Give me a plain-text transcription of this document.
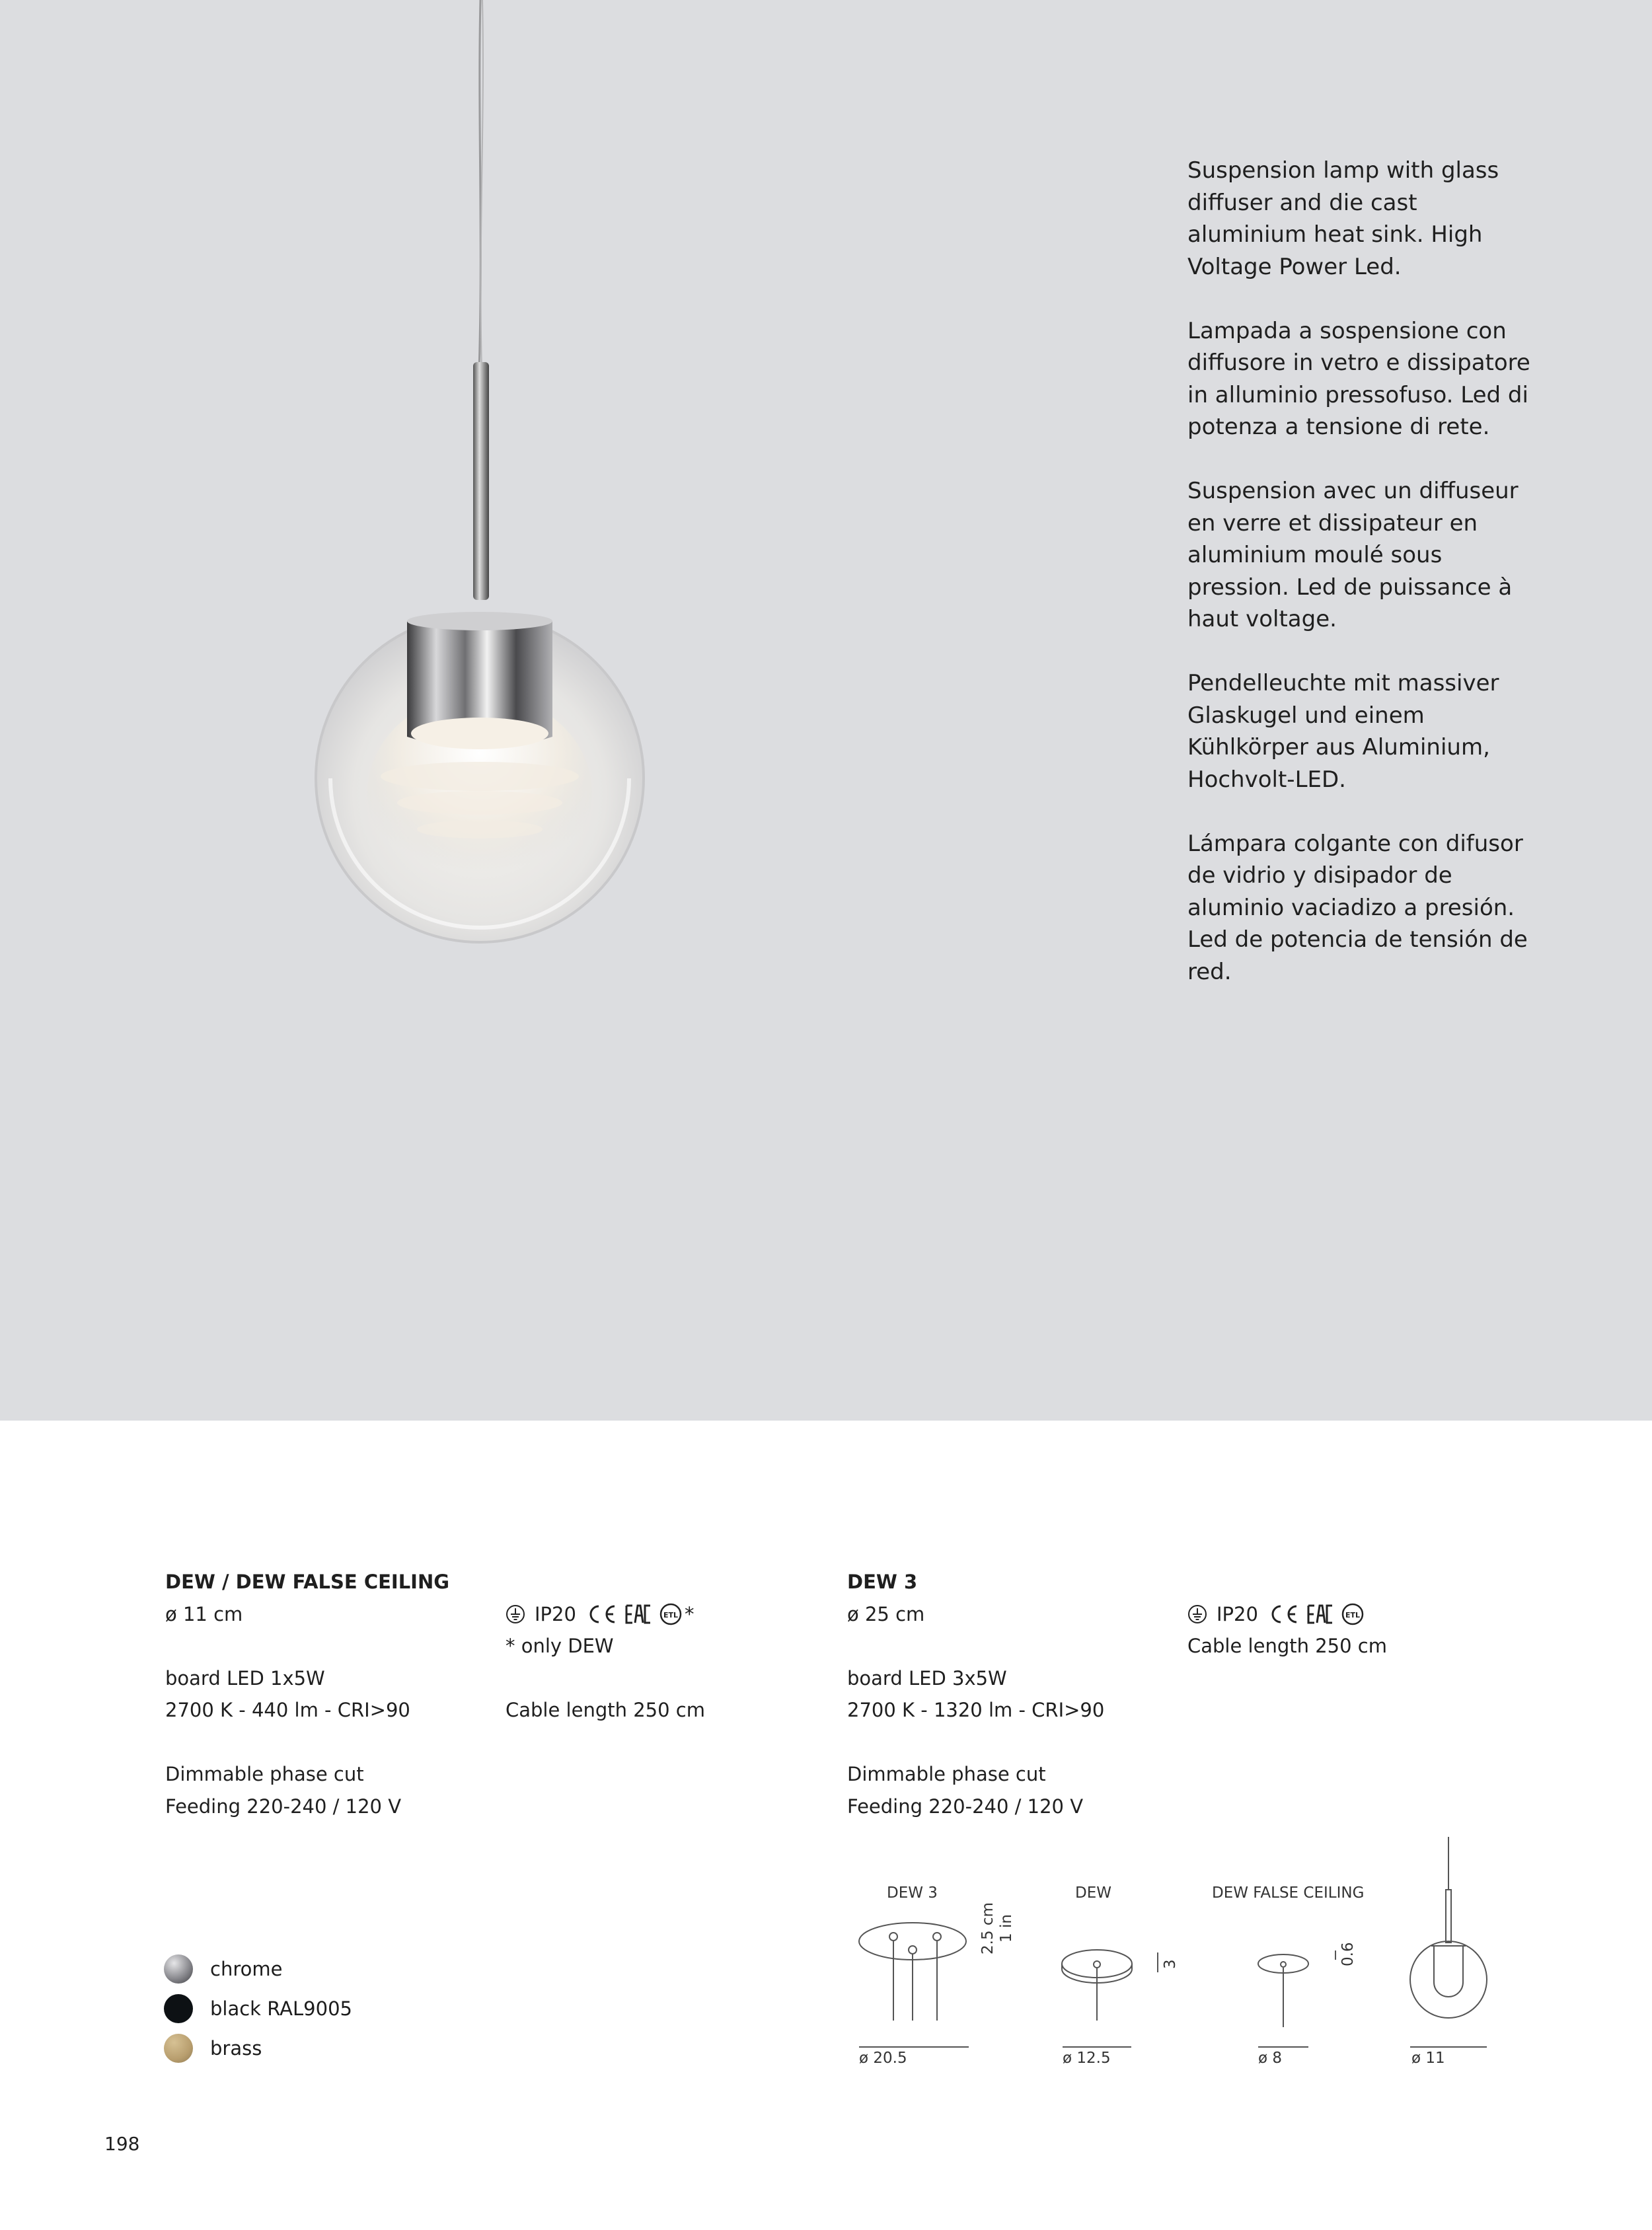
Suspension lamp with glass diffuser and die cast aluminium heat sink. High Voltage Power Led.

Lampada a sospensione con diffusore in vetro e dissipatore in alluminio pressofuso. Led di potenza a tensione di rete.

Suspension avec un diffuseur en verre et dissipateur en aluminium moulé sous pression. Led de puissance à haut voltage.

Pendelleuchte mit massiver Glaskugel und einem Kühlkörper aus Aluminium, Hochvolt-LED.

Lámpara colgante con difusor de vidrio y disipador de aluminio vaciadizo a presión. Led de potencia de tensión de red.

DEW / DEW FALSE CEILING
ø 11 cm
board LED 1x5W
2700 K - 440 lm - CRI>90
Dimmable phase cut
Feeding 220-240 / 120 V
IP20	ETL *
* only DEW
Cable length 250 cm
DEW 3
ø 25 cm
board LED 3x5W
2700 K - 1320 lm - CRI>90
Dimmable phase cut
Feeding 220-240 / 120 V
IP20	ETL
Cable length 250 cm
chrome
black RAL9005
brass
DEW 3	DEW	DEW FALSE CEILING
2.5 cm 1 in
3	0.6
ø 20.5	ø 12.5	ø 8	ø 11
198
